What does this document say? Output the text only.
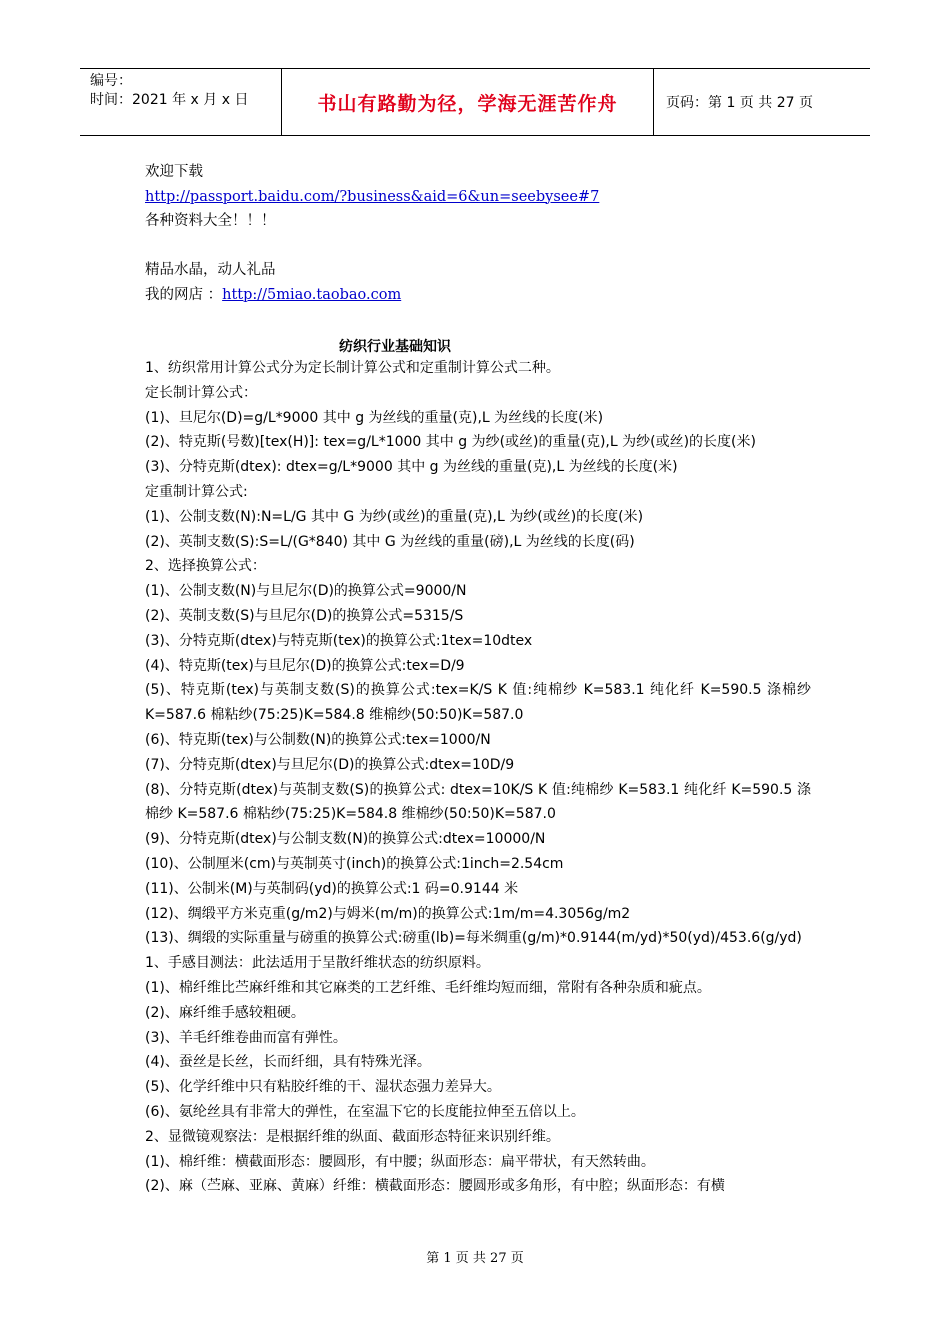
编号：
时间：2021 年 x 月 x 日	书山有路勤为径，学海无涯苦作舟	页码：第 1 页 共 27 页
欢迎下载
http://passport.baidu.com/?business&aid=6&un=seebysee#7
各种资料大全！！！
精品水晶，动人礼品
我的网店 ：http://5miao.taobao.com
纺织行业基础知识

1、纺织常用计算公式分为定长制计算公式和定重制计算公式二种。

定长制计算公式：

(1)、旦尼尔(D)=g/L*9000 其中 g 为丝线的重量(克),L 为丝线的长度(米)

(2)、特克斯(号数)[tex(H)]: tex=g/L*1000 其中 g 为纱(或丝)的重量(克),L 为纱(或丝)的长度(米)

(3)、分特克斯(dtex): dtex=g/L*9000 其中 g 为丝线的重量(克),L 为丝线的长度(米)

定重制计算公式:

(1)、公制支数(N):N=L/G 其中 G 为纱(或丝)的重量(克),L 为纱(或丝)的长度(米)

(2)、英制支数(S):S=L/(G*840) 其中 G 为丝线的重量(磅),L 为丝线的长度(码)

2、选择换算公式：

(1)、公制支数(N)与旦尼尔(D)的换算公式=9000/N

(2)、英制支数(S)与旦尼尔(D)的换算公式=5315/S

(3)、分特克斯(dtex)与特克斯(tex)的换算公式:1tex=10dtex

(4)、特克斯(tex)与旦尼尔(D)的换算公式:tex=D/9

(5)、特克斯(tex)与英制支数(S)的换算公式:tex=K/S K 值:纯棉纱 K=583.1 纯化纤 K=590.5 涤棉纱 K=587.6 棉粘纱(75:25)K=584.8 维棉纱(50:50)K=587.0

(6)、特克斯(tex)与公制数(N)的换算公式:tex=1000/N

(7)、分特克斯(dtex)与旦尼尔(D)的换算公式:dtex=10D/9

(8)、分特克斯(dtex)与英制支数(S)的换算公式: dtex=10K/S K 值:纯棉纱 K=583.1 纯化纤 K=590.5 涤棉纱 K=587.6 棉粘纱(75:25)K=584.8 维棉纱(50:50)K=587.0

(9)、分特克斯(dtex)与公制支数(N)的换算公式:dtex=10000/N

(10)、公制厘米(cm)与英制英寸(inch)的换算公式:1inch=2.54cm

(11)、公制米(M)与英制码(yd)的换算公式:1 码=0.9144 米

(12)、绸缎平方米克重(g/m2)与姆米(m/m)的换算公式:1m/m=4.3056g/m2

(13)、绸缎的实际重量与磅重的换算公式:磅重(lb)=每米绸重(g/m)*0.9144(m/yd)*50(yd)/453.6(g/yd)

1、手感目测法：此法适用于呈散纤维状态的纺织原料。

(1)、棉纤维比苎麻纤维和其它麻类的工艺纤维、毛纤维均短而细，常附有各种杂质和疵点。

(2)、麻纤维手感较粗硬。

(3)、羊毛纤维卷曲而富有弹性。

(4)、蚕丝是长丝，长而纤细，具有特殊光泽。

(5)、化学纤维中只有粘胶纤维的干、湿状态强力差异大。

(6)、氨纶丝具有非常大的弹性，在室温下它的长度能拉伸至五倍以上。

2、显微镜观察法：是根据纤维的纵面、截面形态特征来识别纤维。

(1)、棉纤维：横截面形态：腰圆形，有中腰；纵面形态：扁平带状，有天然转曲。

(2)、麻（苎麻、亚麻、黄麻）纤维：横截面形态：腰圆形或多角形，有中腔；纵面形态：有横

第 1 页 共 27 页
